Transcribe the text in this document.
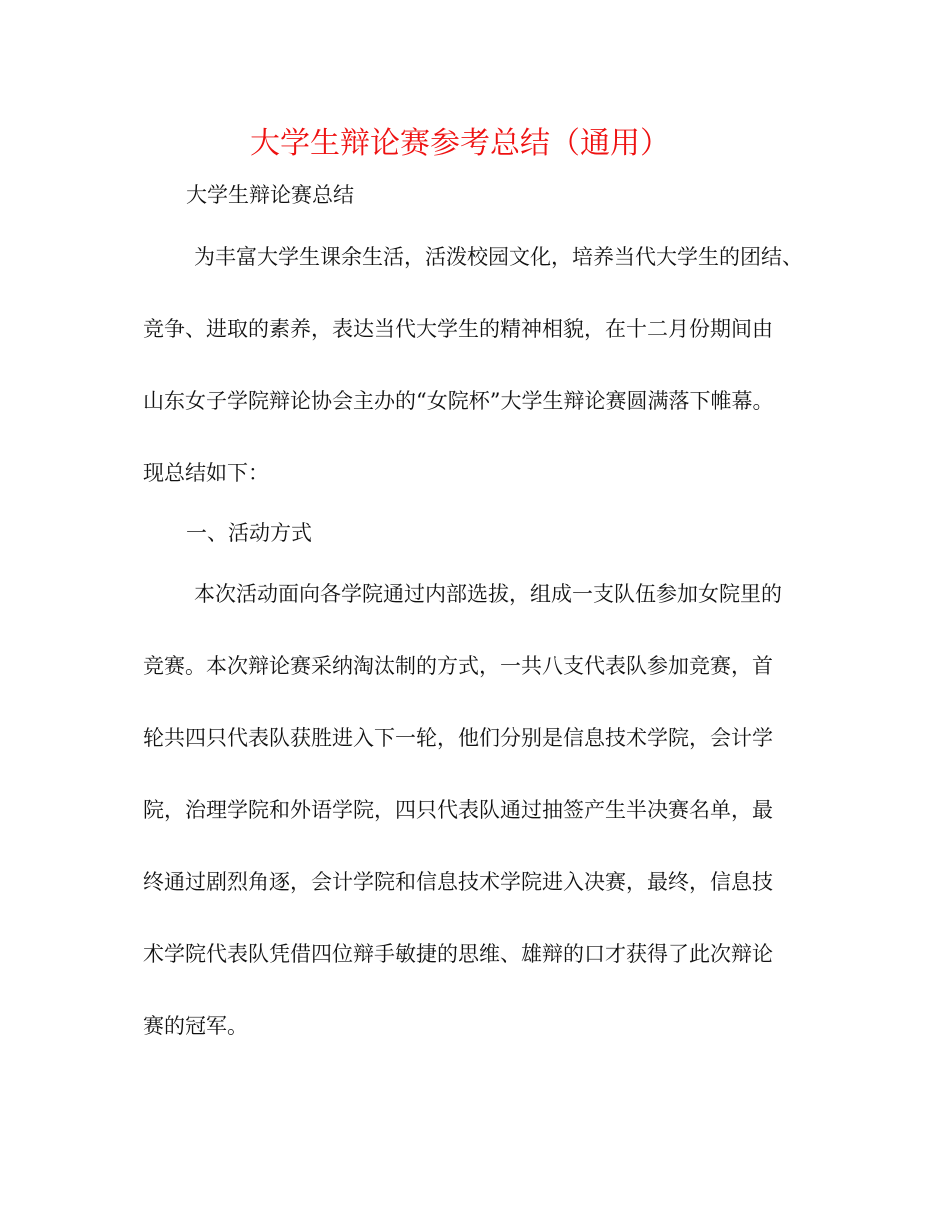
大学生辩论赛参考总结（通用）
大学生辩论赛总结
为丰富大学生课余生活，活泼校园文化，培养当代大学生的团结、
竞争、进取的素养，表达当代大学生的精神相貌，在十二月份期间由
山东女子学院辩论协会主办的“女院杯”大学生辩论赛圆满落下帷幕。
现总结如下：
一、活动方式
本次活动面向各学院通过内部选拔，组成一支队伍参加女院里的
竞赛。本次辩论赛采纳淘汰制的方式，一共八支代表队参加竞赛，首
轮共四只代表队获胜进入下一轮，他们分别是信息技术学院，会计学
院，治理学院和外语学院，四只代表队通过抽签产生半决赛名单，最
终通过剧烈角逐，会计学院和信息技术学院进入决赛，最终，信息技
术学院代表队凭借四位辩手敏捷的思维、雄辩的口才获得了此次辩论
赛的冠军。
